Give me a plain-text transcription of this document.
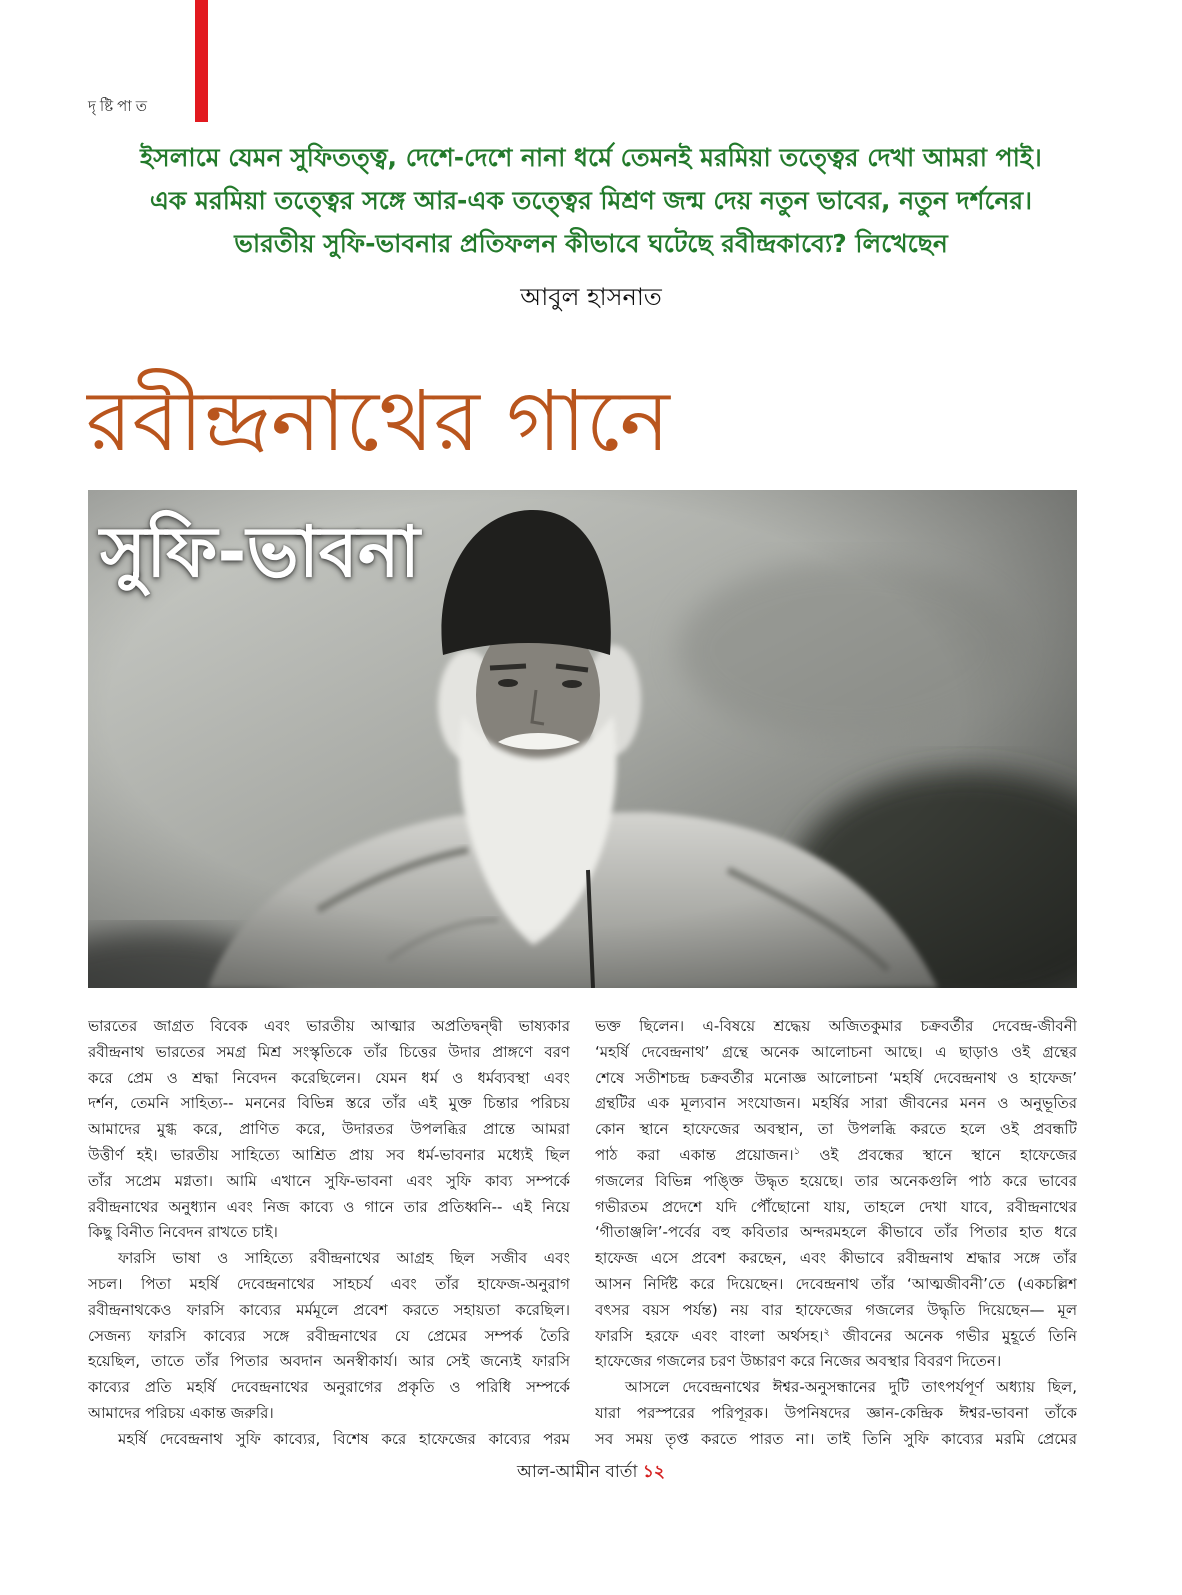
দৃষ্টিপাত
ইসলামে যেমন সুফিতত্ত্ব, দেশে-দেশে নানা ধর্মে তেমনই মরমিয়া তত্ত্বের দেখা আমরা পাই।
এক মরমিয়া তত্ত্বের সঙ্গে আর-এক তত্ত্বের মিশ্রণ জন্ম দেয় নতুন ভাবের, নতুন দর্শনের।
ভারতীয় সুফি-ভাবনার প্রতিফলন কীভাবে ঘটেছে রবীন্দ্রকাব্যে? লিখেছেন
আবুল হাসনাত
রবীন্দ্রনাথের গানে
সুফি-ভাবনা
ভারতের জাগ্রত বিবেক এবং ভারতীয় আত্মার অপ্রতিদ্বন্দ্বী ভাষ্যকার
রবীন্দ্রনাথ ভারতের সমগ্র মিশ্র সংস্কৃতিকে তাঁর চিত্তের উদার প্রাঙ্গণে বরণ
করে প্রেম ও শ্রদ্ধা নিবেদন করেছিলেন। যেমন ধর্ম ও ধর্মব্যবস্থা এবং
দর্শন, তেমনি সাহিত্য-- মননের বিভিন্ন স্তরে তাঁর এই মুক্ত চিন্তার পরিচয়
আমাদের মুগ্ধ করে, প্রাণিত করে, উদারতর উপলব্ধির প্রান্তে আমরা
উত্তীর্ণ হই। ভারতীয় সাহিত্যে আশ্রিত প্রায় সব ধর্ম-ভাবনার মধ্যেই ছিল
তাঁর সপ্রেম মগ্নতা। আমি এখানে সুফি-ভাবনা এবং সুফি কাব্য সম্পর্কে
রবীন্দ্রনাথের অনুধ্যান এবং নিজ কাব্যে ও গানে তার প্রতিধ্বনি-- এই নিয়ে
কিছু বিনীত নিবেদন রাখতে চাই।
ফারসি ভাষা ও সাহিত্যে রবীন্দ্রনাথের আগ্রহ ছিল সজীব এবং
সচল। পিতা মহর্ষি দেবেন্দ্রনাথের সাহচর্য এবং তাঁর হাফেজ-অনুরাগ
রবীন্দ্রনাথকেও ফারসি কাব্যের মর্মমূলে প্রবেশ করতে সহায়তা করেছিল।
সেজন্য ফারসি কাব্যের সঙ্গে রবীন্দ্রনাথের যে প্রেমের সম্পর্ক তৈরি
হয়েছিল, তাতে তাঁর পিতার অবদান অনস্বীকার্য। আর সেই জন্যেই ফারসি
কাব্যের প্রতি মহর্ষি দেবেন্দ্রনাথের অনুরাগের প্রকৃতি ও পরিধি সম্পর্কে
আমাদের পরিচয় একান্ত জরুরি।
মহর্ষি দেবেন্দ্রনাথ সুফি কাব্যের, বিশেষ করে হাফেজের কাব্যের পরম
ভক্ত ছিলেন। এ-বিষয়ে শ্রদ্ধেয় অজিতকুমার চক্রবর্তীর দেবেন্দ্র-জীবনী
‘মহর্ষি দেবেন্দ্রনাথ’ গ্রন্থে অনেক আলোচনা আছে। এ ছাড়াও ওই গ্রন্থের
শেষে সতীশচন্দ্র চক্রবর্তীর মনোজ্ঞ আলোচনা ‘মহর্ষি দেবেন্দ্রনাথ ও হাফেজ’
গ্রন্থটির এক মূল্যবান সংযোজন। মহর্ষির সারা জীবনের মনন ও অনুভূতির
কোন স্থানে হাফেজের অবস্থান, তা উপলব্ধি করতে হলে ওই প্রবন্ধটি
পাঠ করা একান্ত প্রয়োজন।$^১$ ওই প্রবন্ধের স্থানে স্থানে হাফেজের
গজলের বিভিন্ন পঙ্ক্তি উদ্ধৃত হয়েছে। তার অনেকগুলি পাঠ করে ভাবের
গভীরতম প্রদেশে যদি পৌঁছোনো যায়, তাহলে দেখা যাবে, রবীন্দ্রনাথের
‘গীতাঞ্জলি’-পর্বের বহু কবিতার অন্দরমহলে কীভাবে তাঁর পিতার হাত ধরে
হাফেজ এসে প্রবেশ করছেন, এবং কীভাবে রবীন্দ্রনাথ শ্রদ্ধার সঙ্গে তাঁর
আসন নির্দিষ্ট করে দিয়েছেন। দেবেন্দ্রনাথ তাঁর ‘আত্মজীবনী’তে (একচল্লিশ
বৎসর বয়স পর্যন্ত) নয় বার হাফেজের গজলের উদ্ধৃতি দিয়েছেন— মূল
ফারসি হরফে এবং বাংলা অর্থসহ।$^২$ জীবনের অনেক গভীর মুহূর্তে তিনি
হাফেজের গজলের চরণ উচ্চারণ করে নিজের অবস্থার বিবরণ দিতেন।
আসলে দেবেন্দ্রনাথের ঈশ্বর-অনুসন্ধানের দুটি তাৎপর্যপূর্ণ অধ্যায় ছিল,
যারা পরস্পরের পরিপূরক। উপনিষদের জ্ঞান-কেন্দ্রিক ঈশ্বর-ভাবনা তাঁকে
সব সময় তৃপ্ত করতে পারত না। তাই তিনি সুফি কাব্যের মরমি প্রেমের
আল-আমীন বার্তা ১২
